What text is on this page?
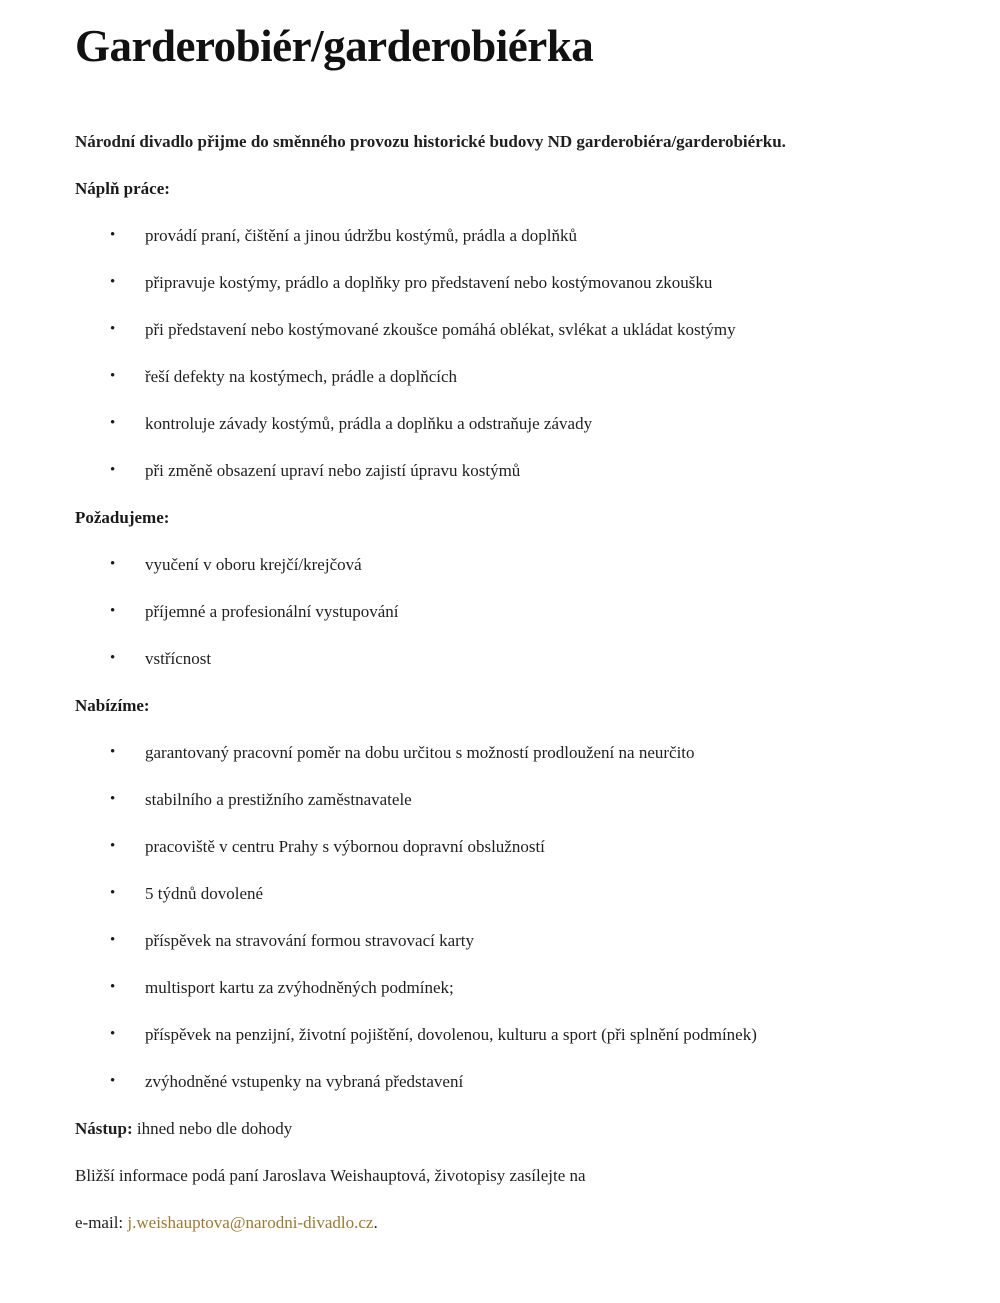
Garderobiér/garderobiérka

Národní divadlo přijme do směnného provozu historické budovy ND garderobiéra/garderobiérku.

Náplň práce:
• provádí praní, čištění a jinou údržbu kostýmů, prádla a doplňků
• připravuje kostýmy, prádlo a doplňky pro představení nebo kostýmovanou zkoušku
• při představení nebo kostýmované zkoušce pomáhá oblékat, svlékat a ukládat kostýmy
• řeší defekty na kostýmech, prádle a doplňcích
• kontroluje závady kostýmů, prádla a doplňku a odstraňuje závady
• při změně obsazení upraví nebo zajistí úpravu kostýmů
Požadujeme:
• vyučení v oboru krejčí/krejčová
• příjemné a profesionální vystupování
• vstřícnost
Nabízíme:
• garantovaný pracovní poměr na dobu určitou s možností prodloužení na neurčito
• stabilního a prestižního zaměstnavatele
• pracoviště v centru Prahy s výbornou dopravní obslužností
• 5 týdnů dovolené
• příspěvek na stravování formou stravovací karty
• multisport kartu za zvýhodněných podmínek;
• příspěvek na penzijní, životní pojištění, dovolenou, kulturu a sport (při splnění podmínek)
• zvýhodněné vstupenky na vybraná představení

Nástup: ihned nebo dle dohody

Bližší informace podá paní Jaroslava Weishauptová, životopisy zasílejte na

e-mail: j.weishauptova@narodni-divadlo.cz.
